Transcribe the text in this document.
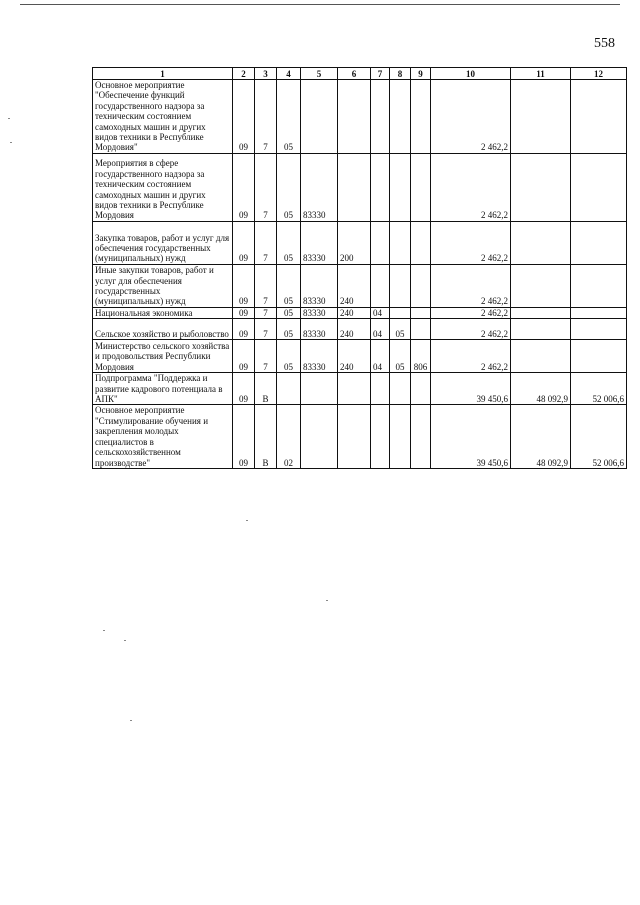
558
1	2	3	4	5	6	7	8	9	10	11	12
Основное мероприятие "Обеспечение функций государственного надзора за техническим состоянием самоходных машин и других видов техники в Республике Мордовия"	09	7	05						2 462,2		
Мероприятия в сфере государственного надзора за техническим состоянием самоходных машин и других видов техники в Республике Мордовия	09	7	05	83330					2 462,2		
Закупка товаров, работ и услуг для обеспечения государственных (муниципальных) нужд	09	7	05	83330	200				2 462,2		
Иные закупки товаров, работ и услуг для обеспечения государственных (муниципальных) нужд	09	7	05	83330	240				2 462,2		
Национальная экономика	09	7	05	83330	240	04			2 462,2		
Сельское хозяйство и рыболовство	09	7	05	83330	240	04	05		2 462,2		
Министерство сельского хозяйства и продовольствия Республики Мордовия	09	7	05	83330	240	04	05	806	2 462,2		
Подпрограмма "Поддержка и развитие кадрового потенциала в АПК"	09	В							39 450,6	48 092,9	52 006,6
Основное мероприятие "Стимулирование обучения и закрепления молодых специалистов в сельскохозяйственном производстве"	09	В	02						39 450,6	48 092,9	52 006,6
